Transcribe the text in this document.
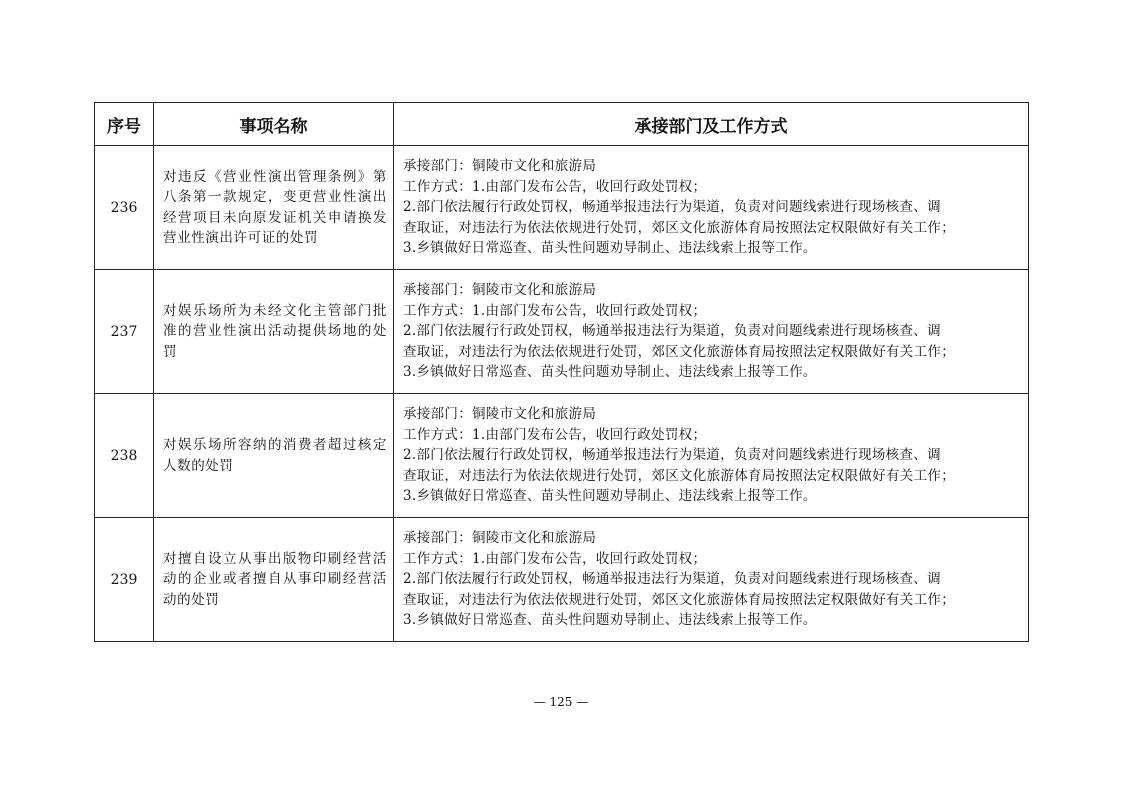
序号	事项名称	承接部门及工作方式
236	对违反《营业性演出管理条例》第八条第一款规定，变更营业性演出经营项目未向原发证机关申请换发营业性演出许可证的处罚	承接部门：铜陵市文化和旅游局
工作方式：1.由部门发布公告，收回行政处罚权；
2.部门依法履行行政处罚权，畅通举报违法行为渠道，负责对问题线索进行现场核查、调
查取证，对违法行为依法依规进行处罚，郊区文化旅游体育局按照法定权限做好有关工作；
3.乡镇做好日常巡查、苗头性问题劝导制止、违法线索上报等工作。

237	对娱乐场所为未经文化主管部门批准的营业性演出活动提供场地的处罚	承接部门：铜陵市文化和旅游局
工作方式：1.由部门发布公告，收回行政处罚权；
2.部门依法履行行政处罚权，畅通举报违法行为渠道，负责对问题线索进行现场核查、调
查取证，对违法行为依法依规进行处罚，郊区文化旅游体育局按照法定权限做好有关工作；
3.乡镇做好日常巡查、苗头性问题劝导制止、违法线索上报等工作。

238	对娱乐场所容纳的消费者超过核定人数的处罚	承接部门：铜陵市文化和旅游局
工作方式：1.由部门发布公告，收回行政处罚权；
2.部门依法履行行政处罚权，畅通举报违法行为渠道，负责对问题线索进行现场核查、调
查取证，对违法行为依法依规进行处罚，郊区文化旅游体育局按照法定权限做好有关工作；
3.乡镇做好日常巡查、苗头性问题劝导制止、违法线索上报等工作。

239	对擅自设立从事出版物印刷经营活动的企业或者擅自从事印刷经营活动的处罚	承接部门：铜陵市文化和旅游局
工作方式：1.由部门发布公告，收回行政处罚权；
2.部门依法履行行政处罚权，畅通举报违法行为渠道，负责对问题线索进行现场核查、调
查取证，对违法行为依法依规进行处罚，郊区文化旅游体育局按照法定权限做好有关工作；
3.乡镇做好日常巡查、苗头性问题劝导制止、违法线索上报等工作。
— 125 —
